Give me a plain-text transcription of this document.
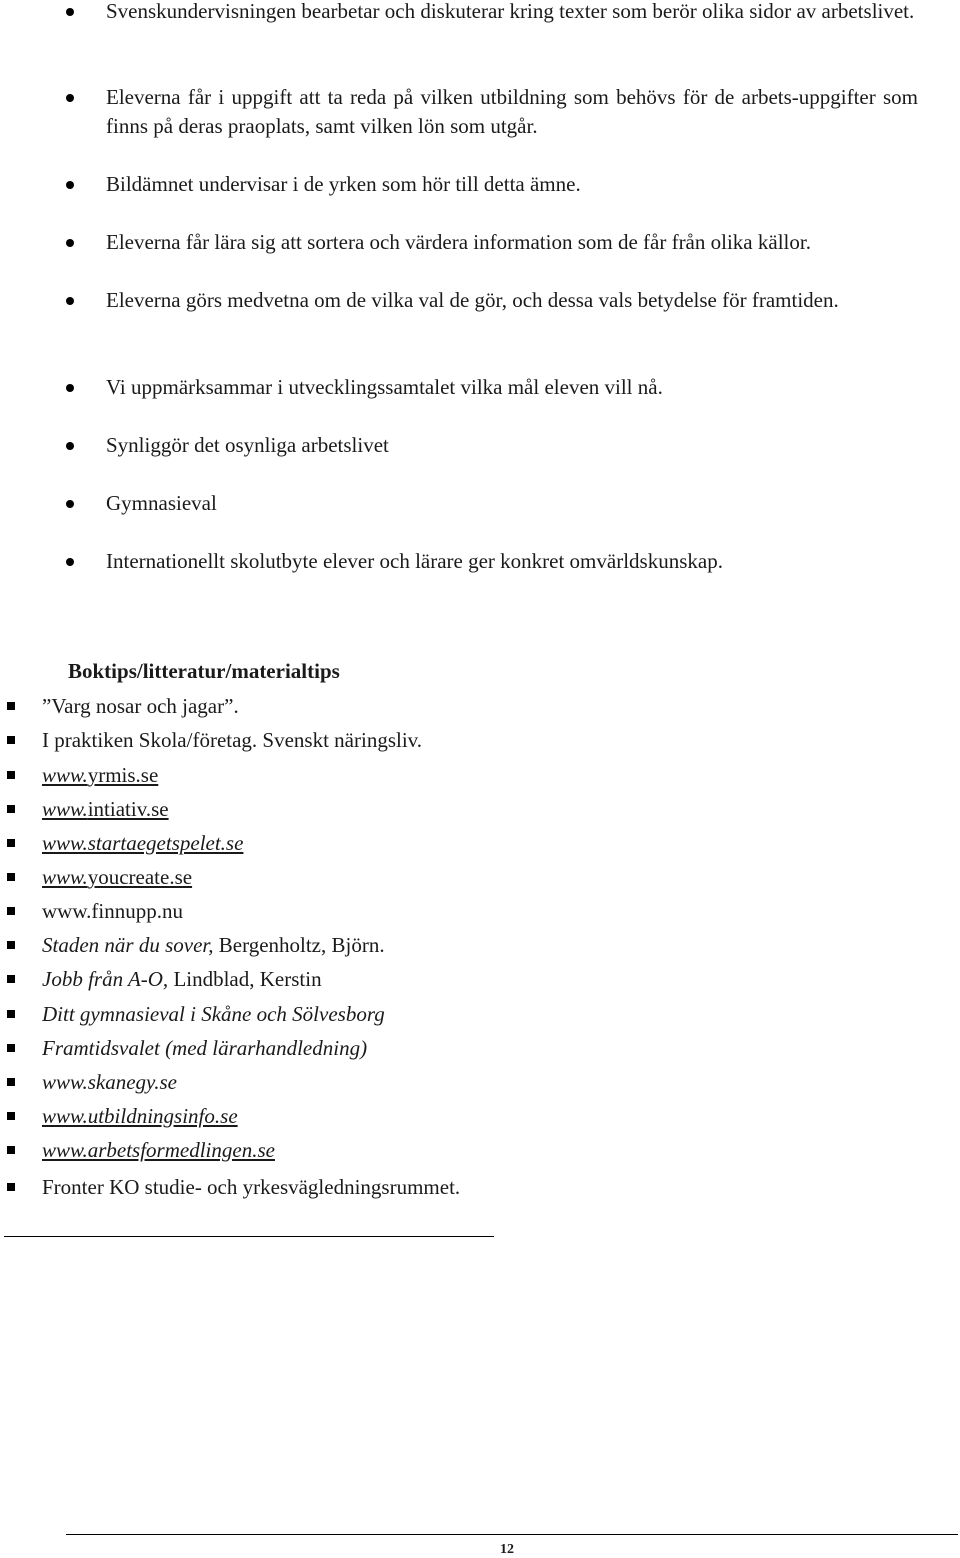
Svenskundervisningen bearbetar och diskuterar kring texter som berör olika sidor av arbetslivet.
Eleverna får i uppgift att ta reda på vilken utbildning som behövs för de arbets-uppgifter som finns på deras praoplats, samt vilken lön som utgår.
Bildämnet undervisar i de yrken som hör till detta ämne.
Eleverna får lära sig att sortera och värdera information som de får från olika källor.
Eleverna görs medvetna om de vilka val de gör, och dessa vals betydelse för framtiden.
Vi uppmärksammar i utvecklingssamtalet vilka mål eleven vill nå.
Synliggör det osynliga arbetslivet
Gymnasieval
Internationellt skolutbyte elever och lärare ger konkret omvärldskunskap.
Boktips/litteratur/materialtips
”Varg nosar och jagar”.
I praktiken Skola/företag. Svenskt näringsliv.
www.yrmis.se
www.intiativ.se
www.startaegetspelet.se
www.youcreate.se
www.finnupp.nu
Staden när du sover, Bergenholtz, Björn.
Jobb från A-O, Lindblad, Kerstin
Ditt gymnasieval i Skåne och Sölvesborg
Framtidsvalet (med lärarhandledning)
www.skanegy.se
www.utbildningsinfo.se
www.arbetsformedlingen.se
Fronter KO studie- och yrkesvägledningsrummet.
12
